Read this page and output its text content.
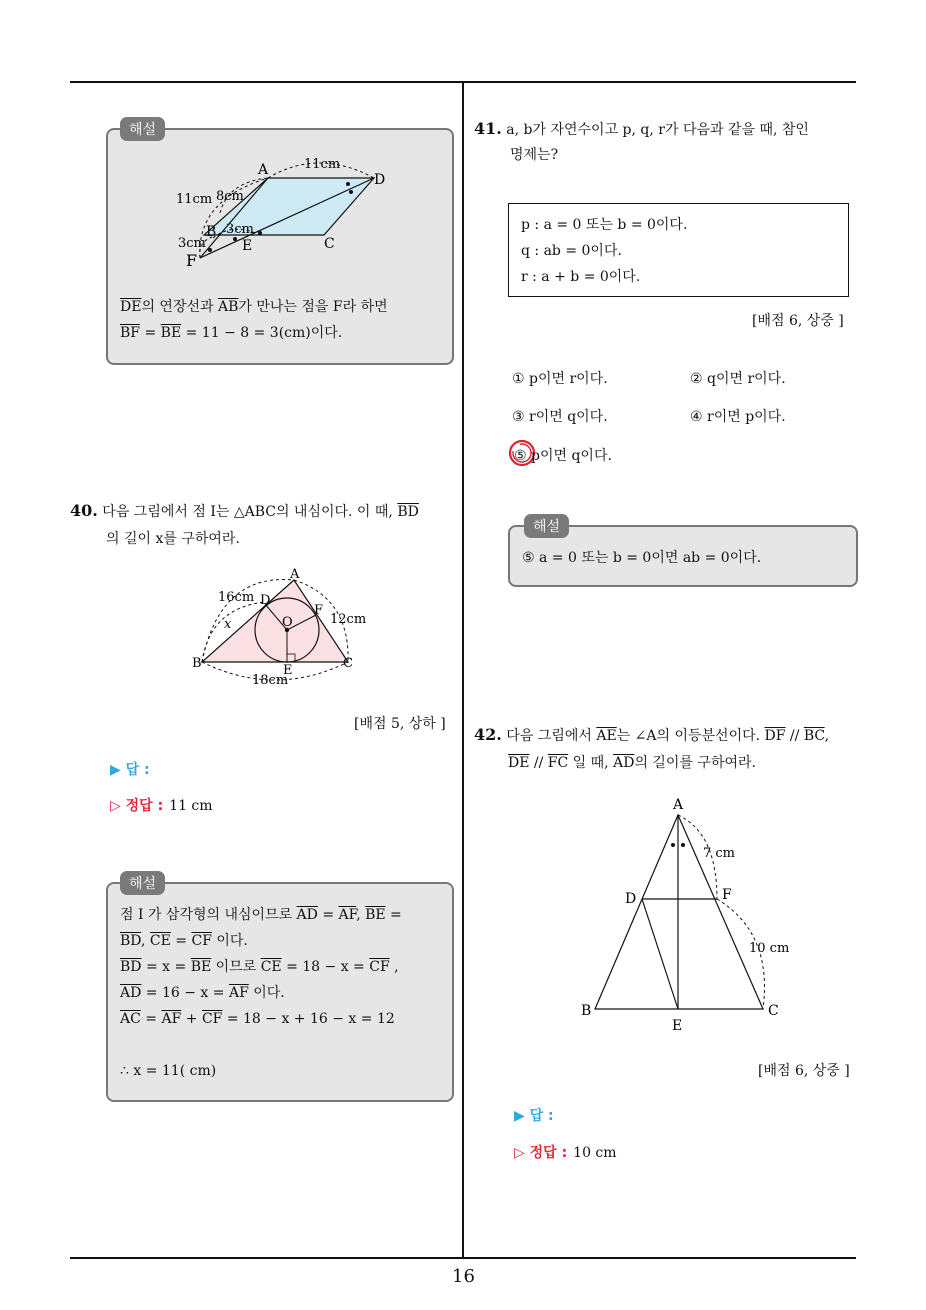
16
A
D
B
E	C
F
11cm
8cm
11cm
3cm
3cm
$\overline{DE}$의 연장선과 $\overline{AB}$가 만나는 점을 F라 하면
$\overline{BF} = \overline{BE} = 11 - 8 = 3(cm)$이다.
해설
40. 다음 그림에서 점 I는 △ABC의 내심이다. 이 때, $\overline{BD}$
의 길이 x를 구하여라.
A
B	C
D
E
F
O
x
16cm
12cm
18cm
[배점 5, 상하 ]
▶ 답 :
▷ 정답 : 11 cm
점 I 가 삼각형의 내심이므로 $\overline{AD} = \overline{AF}$, $\overline{BE}$ =
$\overline{BD}$, $\overline{CE} = \overline{CF}$ 이다.
$\overline{BD} = x = \overline{BE}$ 이므로 $\overline{CE} = 18 - x = \overline{CF}$ ,
$\overline{AD} = 16 - x = \overline{AF}$ 이다.
$\overline{AC} = \overline{AF} + \overline{CF} = 18 - x + 16 - x = 12$
∴ x = 11( cm)
해설
41. a, b가 자연수이고 p, q, r가 다음과 같을 때, 참인
명제는?
p : a = 0 또는 b = 0이다.
q : ab = 0이다.
r : a + b = 0이다.
[배점 6, 상중 ]
① p이면 r이다.	② q이면 r이다.
③ r이면 q이다.	④ r이면 p이다.
⑤ p이면 q이다.
⑤ a = 0 또는 b = 0이면 ab = 0이다.
해설
42. 다음 그림에서 $\overline{AE}$는 ∠A의 이등분선이다. $\overline{DF} // \overline{BC}$,
$\overline{DE} // \overline{FC}$ 일 때, $\overline{AD}$의 길이를 구하여라.
A
D	F
B
E
C
7 cm
10 cm
[배점 6, 상중 ]
▶ 답 :
▷ 정답 : 10 cm
